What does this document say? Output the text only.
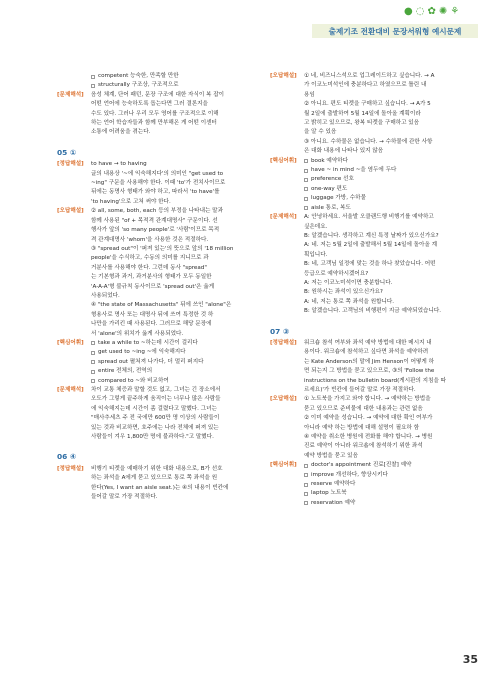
● ◌ ✿ ✺ ⚘
출제기조 전환대비 문장서워형 예시문제
competent 능숙한, 만족할 만한
structurally 구조상, 구조적으로
[문제해석]	음성 체계, 단어 패턴, 문장 구조에 대한 자식이 복 잡이

어떤 언어에 능숙하도록 돕는다면 그러 결론지을

수도 있다. 그러나 우리 모두 영어를 구조적으로 이해

하는 언어 학습자들과 함께 만부해온 게 어떤 이센터

소통에 어려움을 겪는다.

05 ①
[정답해설]	to have → to having

글의 내용상 '~에 익숙해지다'의 의미인 "get used to

~ing" 구문을 사용해야 한다. 이때 'to'가 전치사이므로

뒤에는 동명사 형태가 와야 하고, 따라서 'to have'를

'to having'으로 고쳐 써야 한다.

[오답해설]	② all, some, both, each 등의 부정을 나타내는 말과

함께 사용된 "of + 목적격 관계대명사" 구문이다. 선

행사가 앞의 'so many people'로 '사람'이므로 목적

격 관계대명사 'whom'을 사용한 것은 적절하다.

③ "spread out"이 '퍼져 있는'의 뜻으로 앞의 '18 million

people'을 수식하고, 수동의 의미를 지니므로 과

거분사를 사용해야 한다. 그런데 동사 "spread"

는 기본형과 과거, 과거분사의 형태가 모두 동일한

'A-A-A'형 불규칙 동사이므로 'spread out'은 옳게

사용되었다.

④ "the state of Massachusetts" 뒤에 쓰인 "alone"은

형용사로 명사 또는 대명사 뒤에 쓰여 특정한 것 하

나만을 가리킨 때 사용된다. 그러므로 해당 문장에

서 'alone'의 위치가 옳게 사용되었다.

[핵심어휘]	take a while to ~하는데 시간이 걸리다
get used to ~ing ~에 익숙해지다
spread out 펼쳐져 나가다, 더 멀리 퍼지다
entire 전체의, 전역의
compared to ~와 비교하여
[문제해석]	차이 교통 체증과 말할 것도 없고, 그녀는 긴 장소에서

오도가 그렇게 끝주하게 움직이는 너무나 많은 사람들

에 익숙해지는데 시간이 좀 걸렸다고 말했다. 그녀는

"매사추세츠 주 전 국에만 600만 명 이상의 사람들이

있는 것과 비교하면, 호주에는 나라 전체에 퍼져 있는

사람들이 겨우 1,800만 명에 불과하다."고 말했다.

06 ④
[정답해설]	비행기 티켓을 예매하기 위한 대화 내용으로, B가 선호

하는 좌석을 A에게 묻고 있으므로 통로 쪽 좌석을 원

한다(Yes, I want an aisle seat.)는 ④의 내용이 빈칸에

들어갈 말로 가장 적절하다.

[오답해설]	① 네, 비즈니스석으로 업그레이드하고 싶습니다. → A

가 이코노미석인에 충분하다고 하였으므로 틀린 내

용임

② 아니요. 편도 티켓을 구매하고 싶습니다. → A가 5

월 2일에 출발하여 5월 14일에 돌아올 계획이라

고 밝히고 있으므로, 왕복 티켓을 구매하고 있음

을 알 수 있음

③ 아니요. 수하물은 없습니다. → 수하물에 관한 사항

은 대화 내용에 나타나 있지 않음

[핵심어휘]	book 예약하다
have ~ in mind ~을 염두에 두다
preference 선호
one-way 편도
luggage 가방, 수하물
aisle 통로, 복도
[문제해석]	A: 안녕하세요. 서울발 오클랜드행 비행기를 예약하고

싶은데요.

B: 알겠습니다. 생각하고 계신 특정 날짜가 있으신가요?

A: 네. 저는 5월 2일에 출발해서 5월 14일에 돌아올 계

획입니다.

B: 네, 고객님 일정에 맞는 것을 하나 찾았습니다. 어떤

등급으로 예약하시겠어요?

A: 저는 이코노미석이면 충분합니다.

B: 원하시는 좌석이 있으신가요?

A: 네, 저는 통로 쪽 좌석을 원합니다.

B: 알겠습니다. 고객님의 비행편이 지금 예약되었습니다.

07 ③
[정답해설]	워크숍 참석 여부와 좌석 예약 방법에 대한 메시지 내

용이다. 워크숍에 참석하고 싶다면 좌석을 예약하려

는 Kate Anderson의 말에 Jim Henson이 어떻게 하

면 되는지 그 방법을 묻고 있으므로, ③의 'Follow the

instructions on the bulletin board(게시판의 지침을 따

르세요)'가 빈칸에 들어갈 말로 가장 적절하다.

[오답해설]	① 노트북을 가지고 와야 합니다. → 예약하는 방법을

묻고 있으므로 준비물에 대한 내용과는 관련 없음

② 이미 예약을 성습니다. → 예약에 대한 확인 여부가

아니라 예약 하는 방법에 대해 설명이 필요하 함

④ 예약을 취소한 병원에 전화를 해야 합니다. → 병원

진료 예약이 아니라 워크숍에 참석하기 위한 좌석

예약 방법을 묻고 있음

[핵심어휘]	doctor's appointment 진료[진찰] 예약
improve 개선하다, 향상시키다
reserve 예약하다
laptop 노트북
reservation 예약
35
